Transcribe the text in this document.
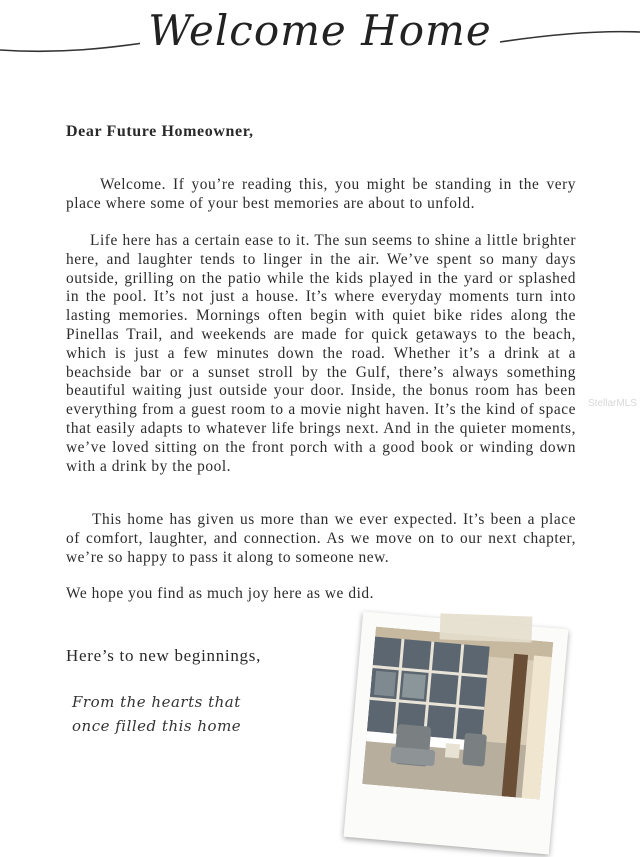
Welcome Home
Dear Future Homeowner,
Welcome. If you’re reading this, you might be standing in the very place where some of your best memories are about to unfold.
Life here has a certain ease to it. The sun seems to shine a little brighter here, and laughter tends to linger in the air. We’ve spent so many days outside, grilling on the patio while the kids played in the yard or splashed in the pool. It’s not just a house. It’s where everyday moments turn into lasting memories. Mornings often begin with quiet bike rides along the Pinellas Trail, and weekends are made for quick getaways to the beach, which is just a few minutes down the road. Whether it’s a drink at a beachside bar or a sunset stroll by the Gulf, there’s always something beautiful waiting just outside your door. Inside, the bonus room has been everything from a guest room to a movie night haven. It’s the kind of space that easily adapts to whatever life brings next. And in the quieter moments, we’ve loved sitting on the front porch with a good book or winding down with a drink by the pool.
This home has given us more than we ever expected. It’s been a place of comfort, laughter, and connection. As we move on to our next chapter, we’re so happy to pass it along to someone new.
We hope you find as much joy here as we did.
Here’s to new beginnings,
From the hearts that
once filled this home
StellarMLS
